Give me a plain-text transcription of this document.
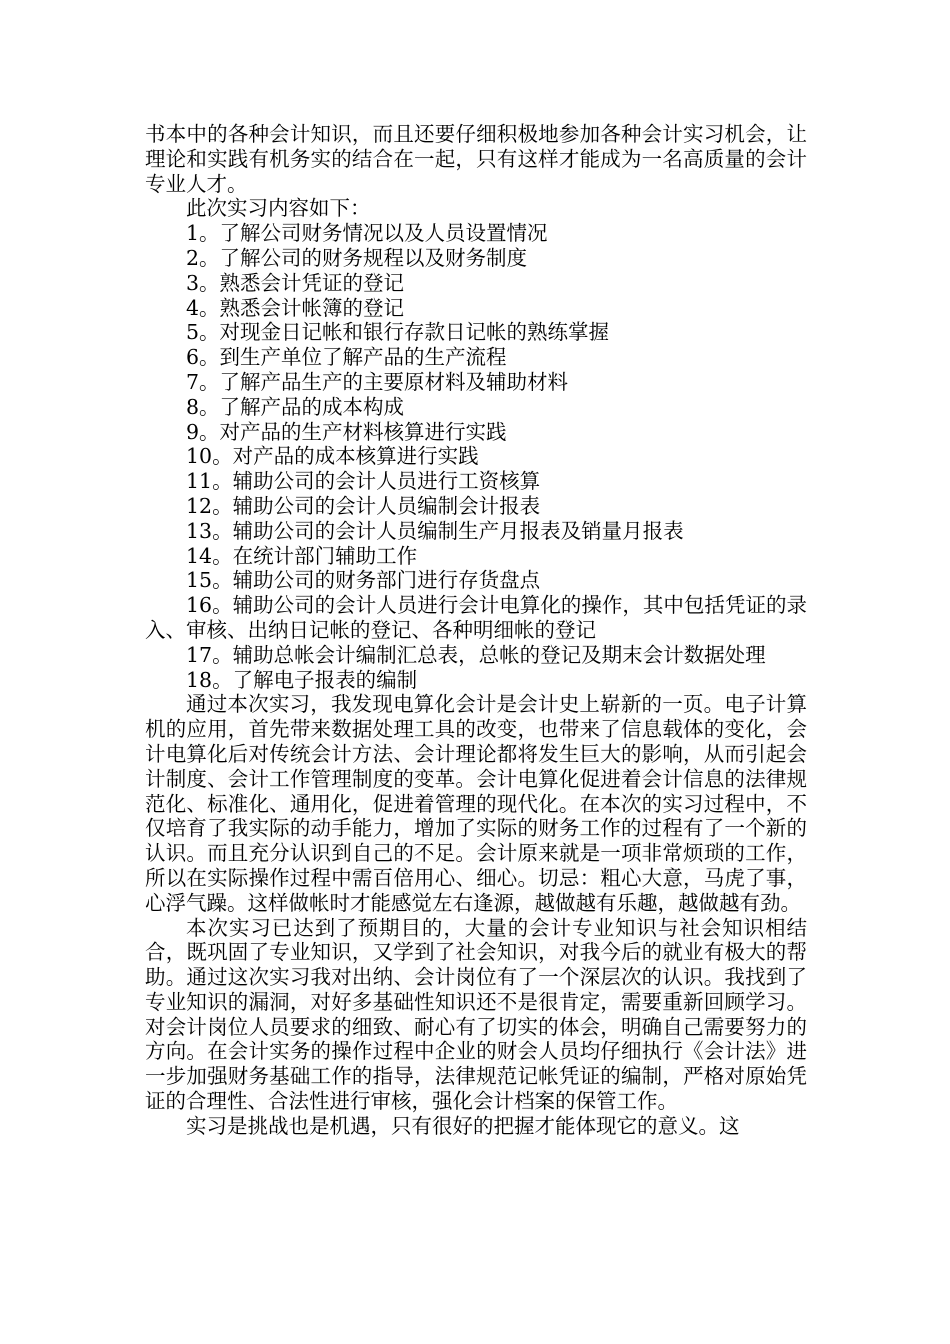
书本中的各种会计知识，而且还要仔细积极地参加各种会计实习机会，让理论和实践有机务实的结合在一起，只有这样才能成为一名高质量的会计专业人才。

此次实习内容如下：

1。了解公司财务情况以及人员设置情况

2。了解公司的财务规程以及财务制度

3。熟悉会计凭证的登记

4。熟悉会计帐簿的登记

5。对现金日记帐和银行存款日记帐的熟练掌握

6。到生产单位了解产品的生产流程

7。了解产品生产的主要原材料及辅助材料

8。了解产品的成本构成

9。对产品的生产材料核算进行实践

10。对产品的成本核算进行实践

11。辅助公司的会计人员进行工资核算

12。辅助公司的会计人员编制会计报表

13。辅助公司的会计人员编制生产月报表及销量月报表

14。在统计部门辅助工作

15。辅助公司的财务部门进行存货盘点

16。辅助公司的会计人员进行会计电算化的操作，其中包括凭证的录入、审核、出纳日记帐的登记、各种明细帐的登记

17。辅助总帐会计编制汇总表，总帐的登记及期末会计数据处理

18。了解电子报表的编制

通过本次实习，我发现电算化会计是会计史上崭新的一页。电子计算机的应用，首先带来数据处理工具的改变，也带来了信息载体的变化，会计电算化后对传统会计方法、会计理论都将发生巨大的影响，从而引起会计制度、会计工作管理制度的变革。会计电算化促进着会计信息的法律规范化、标准化、通用化，促进着管理的现代化。在本次的实习过程中，不仅培育了我实际的动手能力，增加了实际的财务工作的过程有了一个新的认识。而且充分认识到自己的不足。会计原来就是一项非常烦琐的工作，所以在实际操作过程中需百倍用心、细心。切忌：粗心大意，马虎了事，心浮气躁。这样做帐时才能感觉左右逢源，越做越有乐趣，越做越有劲。

本次实习已达到了预期目的，大量的会计专业知识与社会知识相结合，既巩固了专业知识，又学到了社会知识，对我今后的就业有极大的帮助。通过这次实习我对出纳、会计岗位有了一个深层次的认识。我找到了专业知识的漏洞，对好多基础性知识还不是很肯定，需要重新回顾学习。对会计岗位人员要求的细致、耐心有了切实的体会，明确自己需要努力的方向。在会计实务的操作过程中企业的财会人员均仔细执行《会计法》进一步加强财务基础工作的指导，法律规范记帐凭证的编制，严格对原始凭证的合理性、合法性进行审核，强化会计档案的保管工作。

实习是挑战也是机遇，只有很好的把握才能体现它的意义。这
